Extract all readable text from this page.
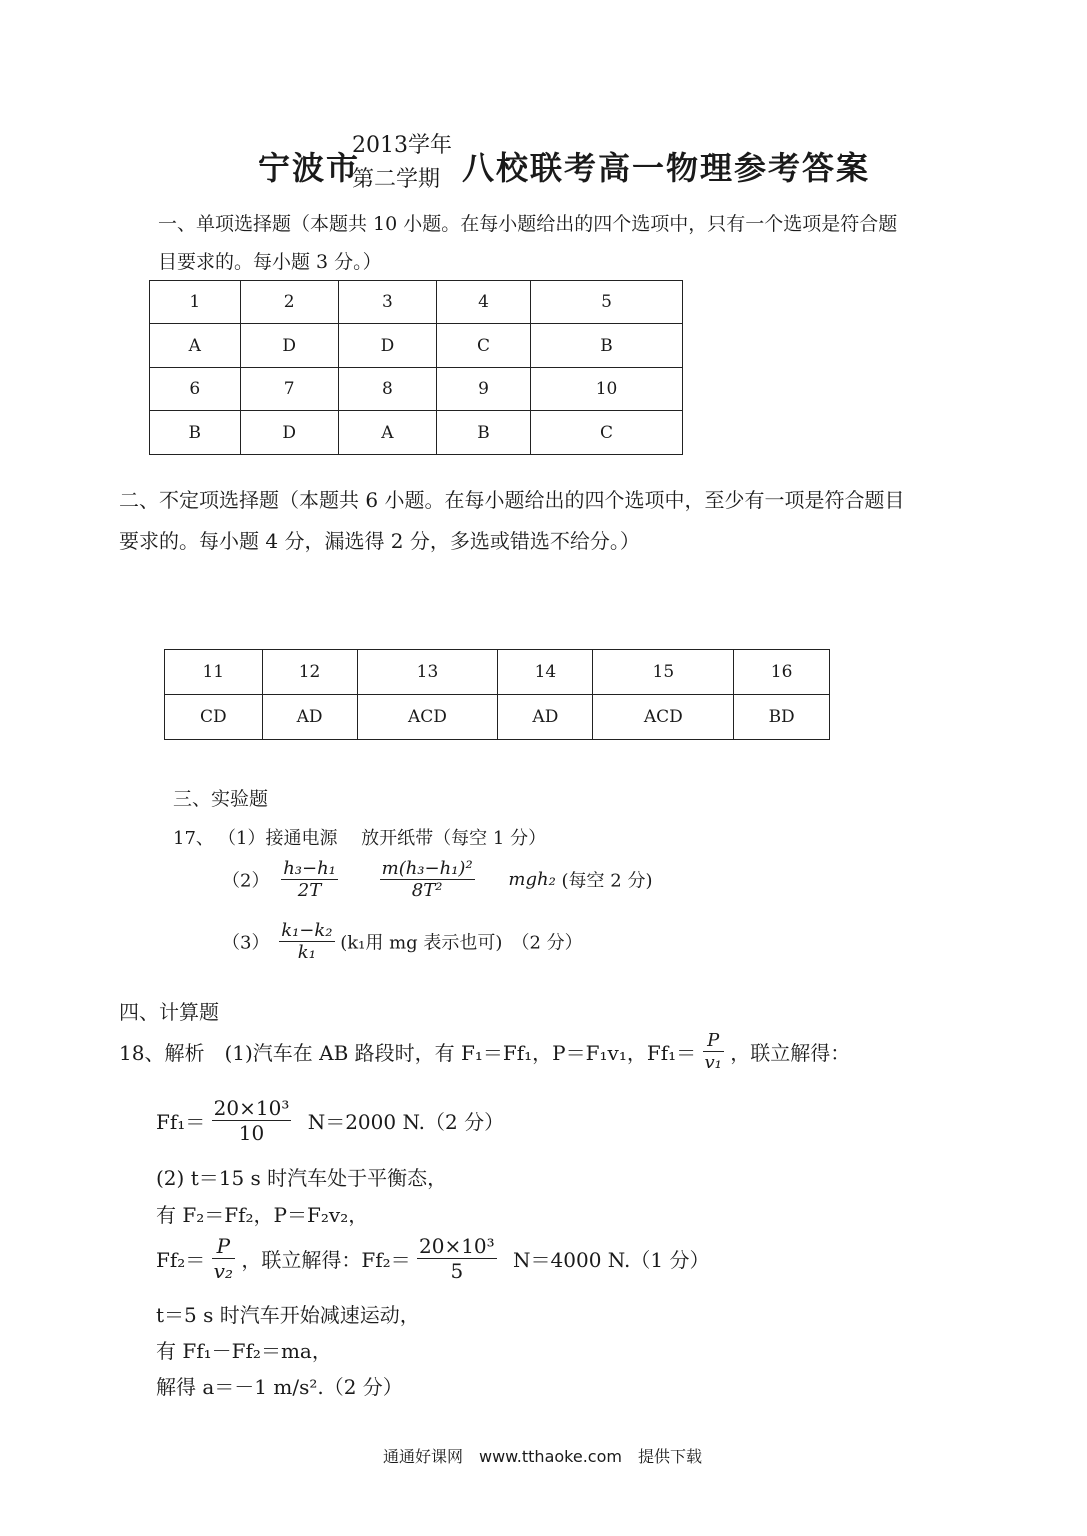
宁波市
2013学年
第二学期 八校联考高一物理参考答案
一、单项选择题（本题共 10 小题。在每小题给出的四个选项中，只有一个选项是符合题
目要求的。每小题 3 分。）
1	2	3	4	5
A	D	D	C	B
6	7	8	9	10
B	D	A	B	C
二、不定项选择题（本题共 6 小题。在每小题给出的四个选项中，至少有一项是符合题目
要求的。每小题 4 分，漏选得 2 分，多选或错选不给分。）
11	12	13	14	15	16
CD	AD	ACD	AD	ACD	BD
三、实验题
17、 （1）接通电源　 放开纸带（每空 1 分）
$(2) \frac{\text{h₃−h₁}}{2T}$
$\frac{\text{m(h₃−h₁)²}}{\text{8T²}} mgh_2$ (每空 2 分)
$(3) \frac{\text{k₁−k₂}}{\text{k₁}} (k_1$用 mg 表示也可)　（2 分）
四、计算题
18、解析　(1)汽车在 AB 路段时，有 F₁＝Ff₁，P＝F₁v₁，$Ff_1= \frac{P}{\text{v₁}}$ ，联立解得：
$Ff_1= \frac{\text{20×10³}}{10} N=2000$ N.（2 分）
(2) t＝15 s 时汽车处于平衡态，
有 F₂＝Ff₂，P＝F₂v₂，
$Ff_2= \frac{P}{\text{v₂}}$ ，联立解得：$Ff_2= \frac{\text{20×10³}}{5} N=4000$ N.（1 分）
t＝5 s 时汽车开始减速运动，
有 Ff₁－Ff₂＝ma，
解得 a＝－1 m/s².（2 分）
通通好课网　www.tthaoke.com　提供下载
